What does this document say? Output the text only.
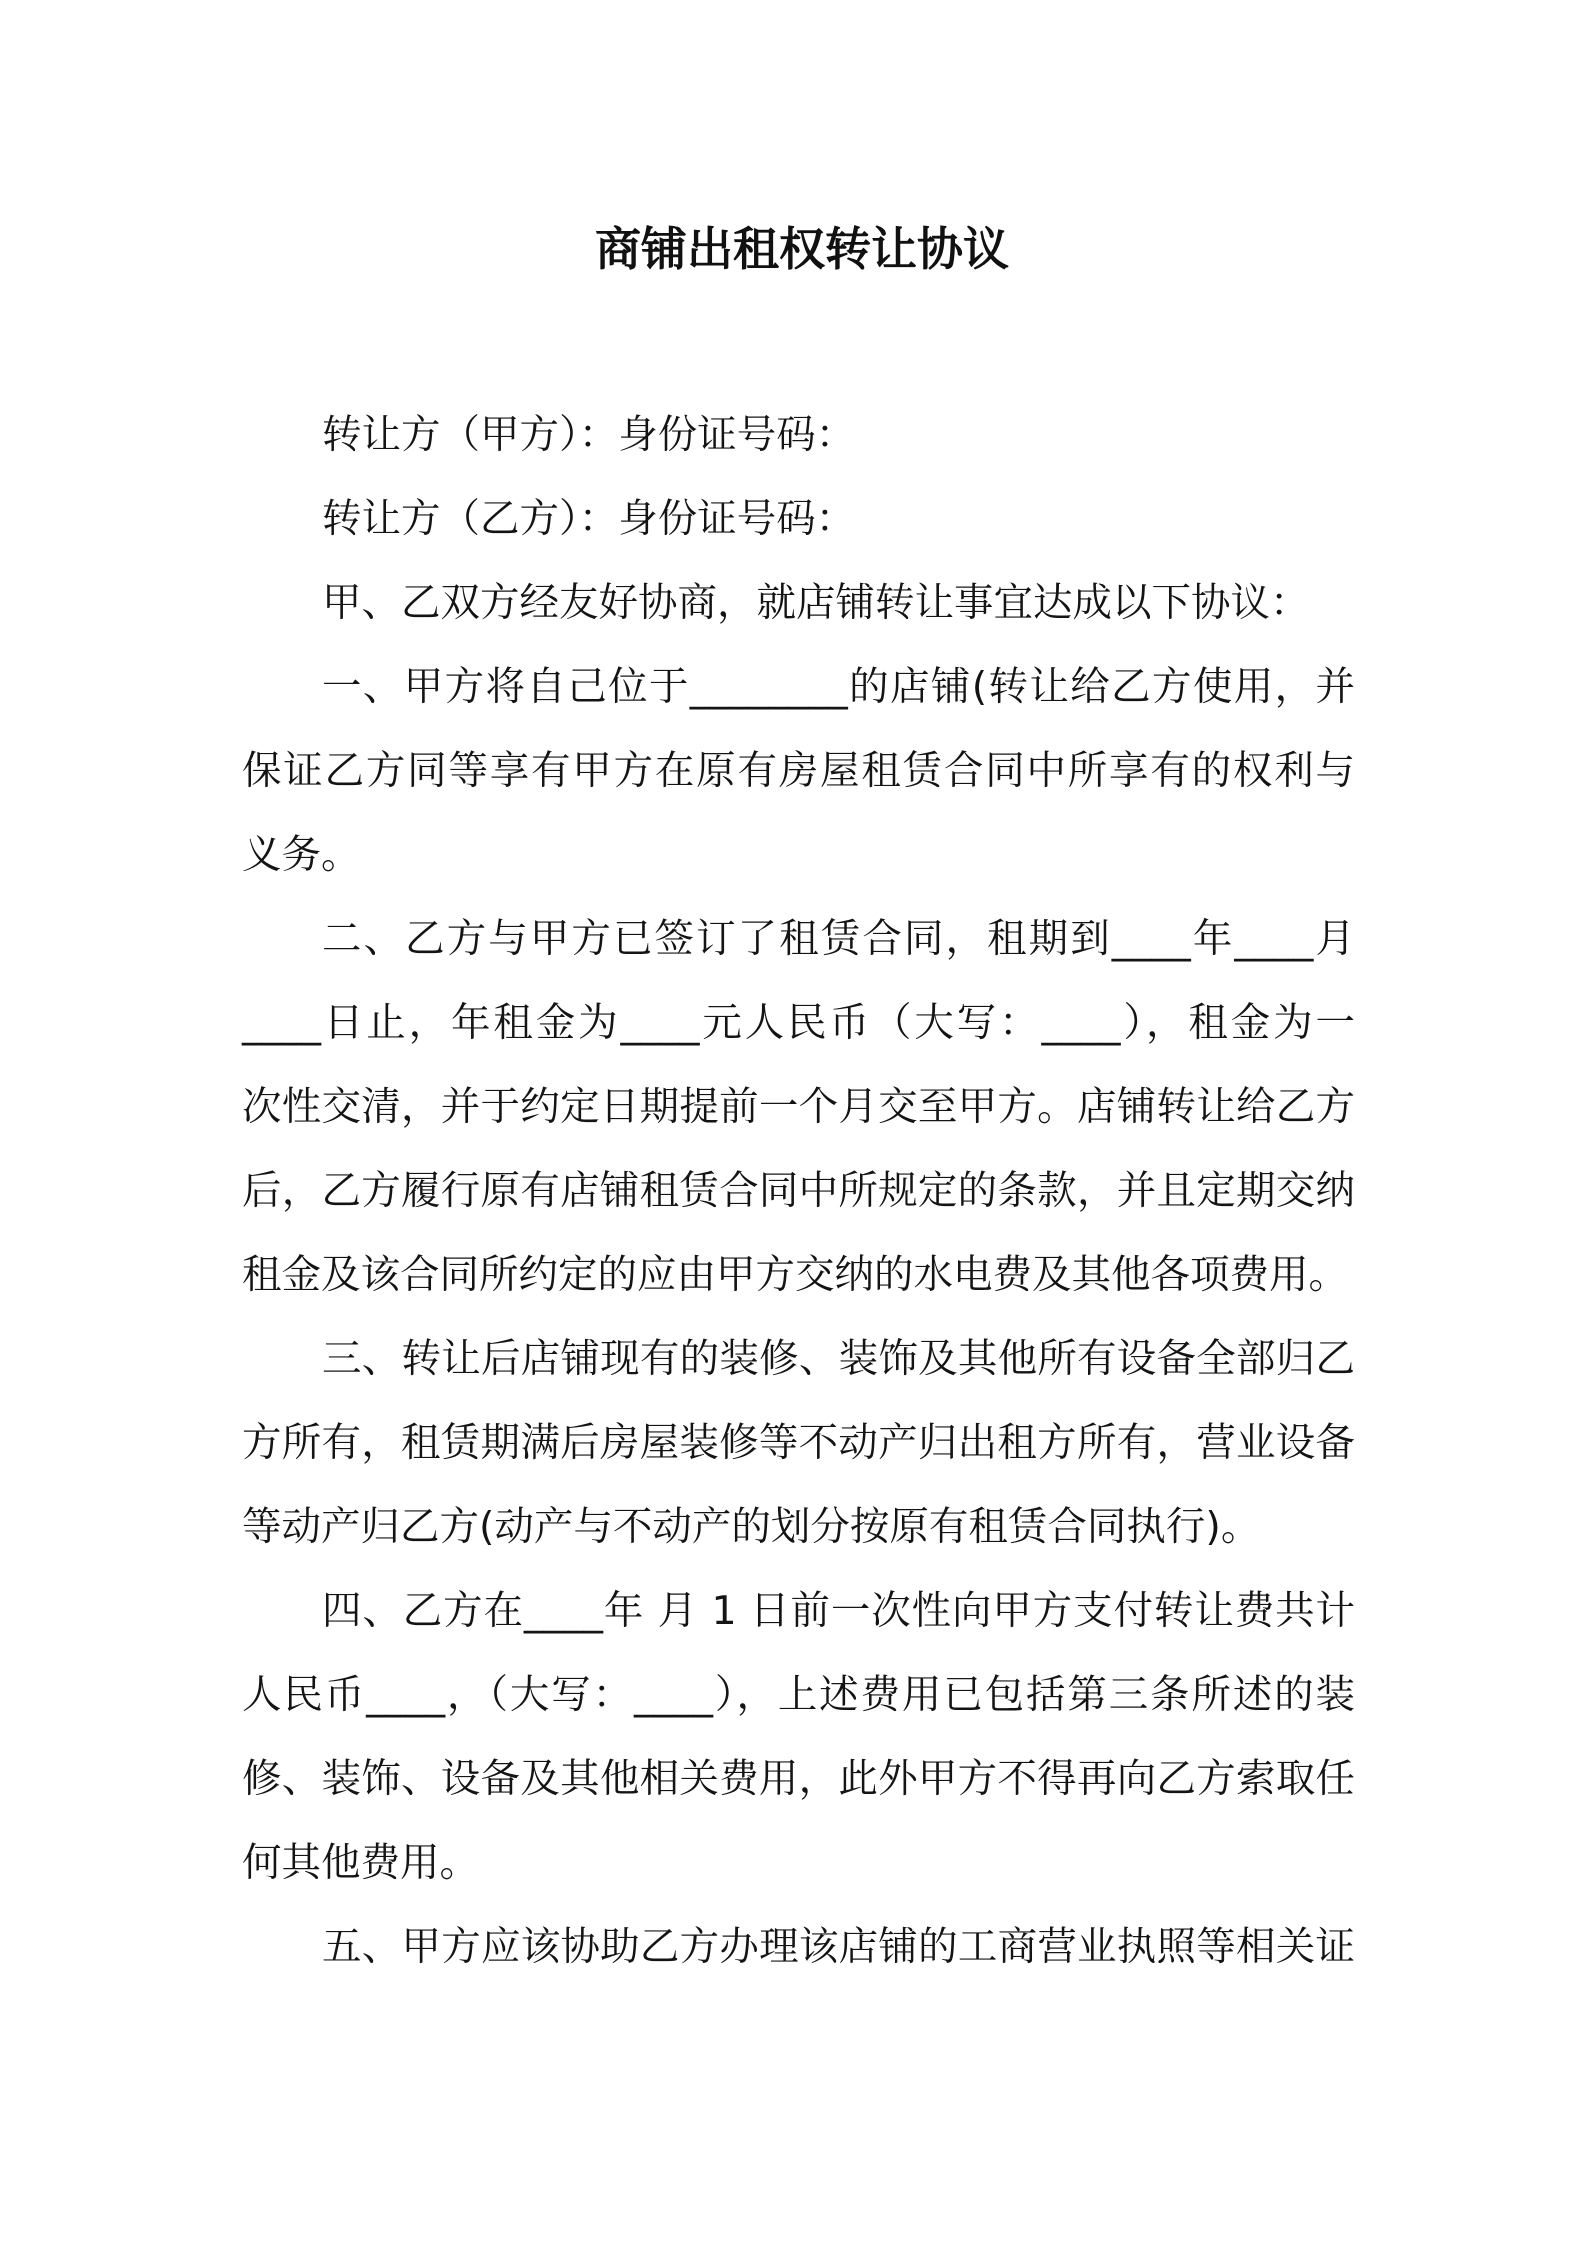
商铺出租权转让协议
转让方（甲方）：身份证号码：
转让方（乙方）：身份证号码：
甲、乙双方经友好协商，就店铺转让事宜达成以下协议：
一、甲方将自己位于________的店铺(转让给乙方使用，并
保证乙方同等享有甲方在原有房屋租赁合同中所享有的权利与
义务。
二、乙方与甲方已签订了租赁合同，租期到____年____月
____日止，年租金为____元人民币（大写：____），租金为一
次性交清，并于约定日期提前一个月交至甲方。店铺转让给乙方
后，乙方履行原有店铺租赁合同中所规定的条款，并且定期交纳
租金及该合同所约定的应由甲方交纳的水电费及其他各项费用。
三、转让后店铺现有的装修、装饰及其他所有设备全部归乙
方所有，租赁期满后房屋装修等不动产归出租方所有，营业设备
等动产归乙方(动产与不动产的划分按原有租赁合同执行)。
四、乙方在____年 月 1 日前一次性向甲方支付转让费共计
人民币____，（大写：____），上述费用已包括第三条所述的装
修、装饰、设备及其他相关费用，此外甲方不得再向乙方索取任
何其他费用。
五、甲方应该协助乙方办理该店铺的工商营业执照等相关证
